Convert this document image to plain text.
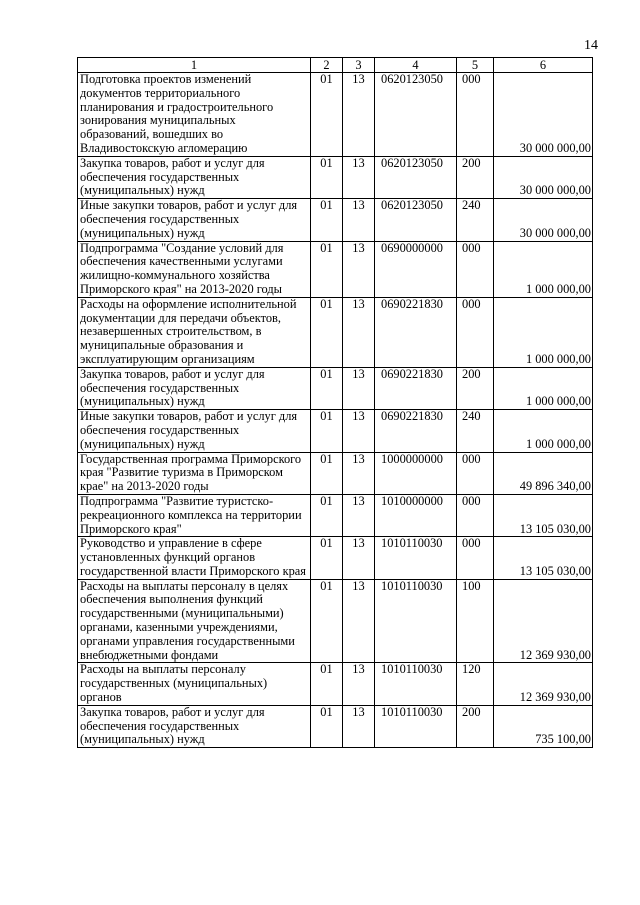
14
1	2	3	4	5	6
Подготовка проектов изменений документов территориального планирования и градостроительного зонирования муниципальных образований, вошедших во Владивостокскую агломерацию	01	13	0620123050	000	30 000 000,00
Закупка товаров, работ и услуг для обеспечения государственных (муниципальных) нужд	01	13	0620123050	200	30 000 000,00
Иные закупки товаров, работ и услуг для обеспечения государственных (муниципальных) нужд	01	13	0620123050	240	30 000 000,00
Подпрограмма "Создание условий для обеспечения качественными услугами жилищно-коммунального хозяйства Приморского края" на 2013-2020 годы	01	13	0690000000	000	1 000 000,00
Расходы на оформление исполнительной документации для передачи объектов, незавершенных строительством, в муниципальные образования и эксплуатирующим организациям	01	13	0690221830	000	1 000 000,00
Закупка товаров, работ и услуг для обеспечения государственных (муниципальных) нужд	01	13	0690221830	200	1 000 000,00
Иные закупки товаров, работ и услуг для обеспечения государственных (муниципальных) нужд	01	13	0690221830	240	1 000 000,00
Государственная программа Приморского края "Развитие туризма в Приморском крае" на 2013-2020 годы	01	13	1000000000	000	49 896 340,00
Подпрограмма "Развитие туристско-рекреационного комплекса на территории Приморского края"	01	13	1010000000	000	13 105 030,00
Руководство и управление в сфере установленных функций органов государственной власти Приморского края	01	13	1010110030	000	13 105 030,00
Расходы на выплаты персоналу в целях обеспечения выполнения функций государственными (муниципальными) органами, казенными учреждениями, органами управления государственными внебюджетными фондами	01	13	1010110030	100	12 369 930,00
Расходы на выплаты персоналу государственных (муниципальных) органов	01	13	1010110030	120	12 369 930,00
Закупка товаров, работ и услуг для обеспечения государственных (муниципальных) нужд	01	13	1010110030	200	735 100,00
